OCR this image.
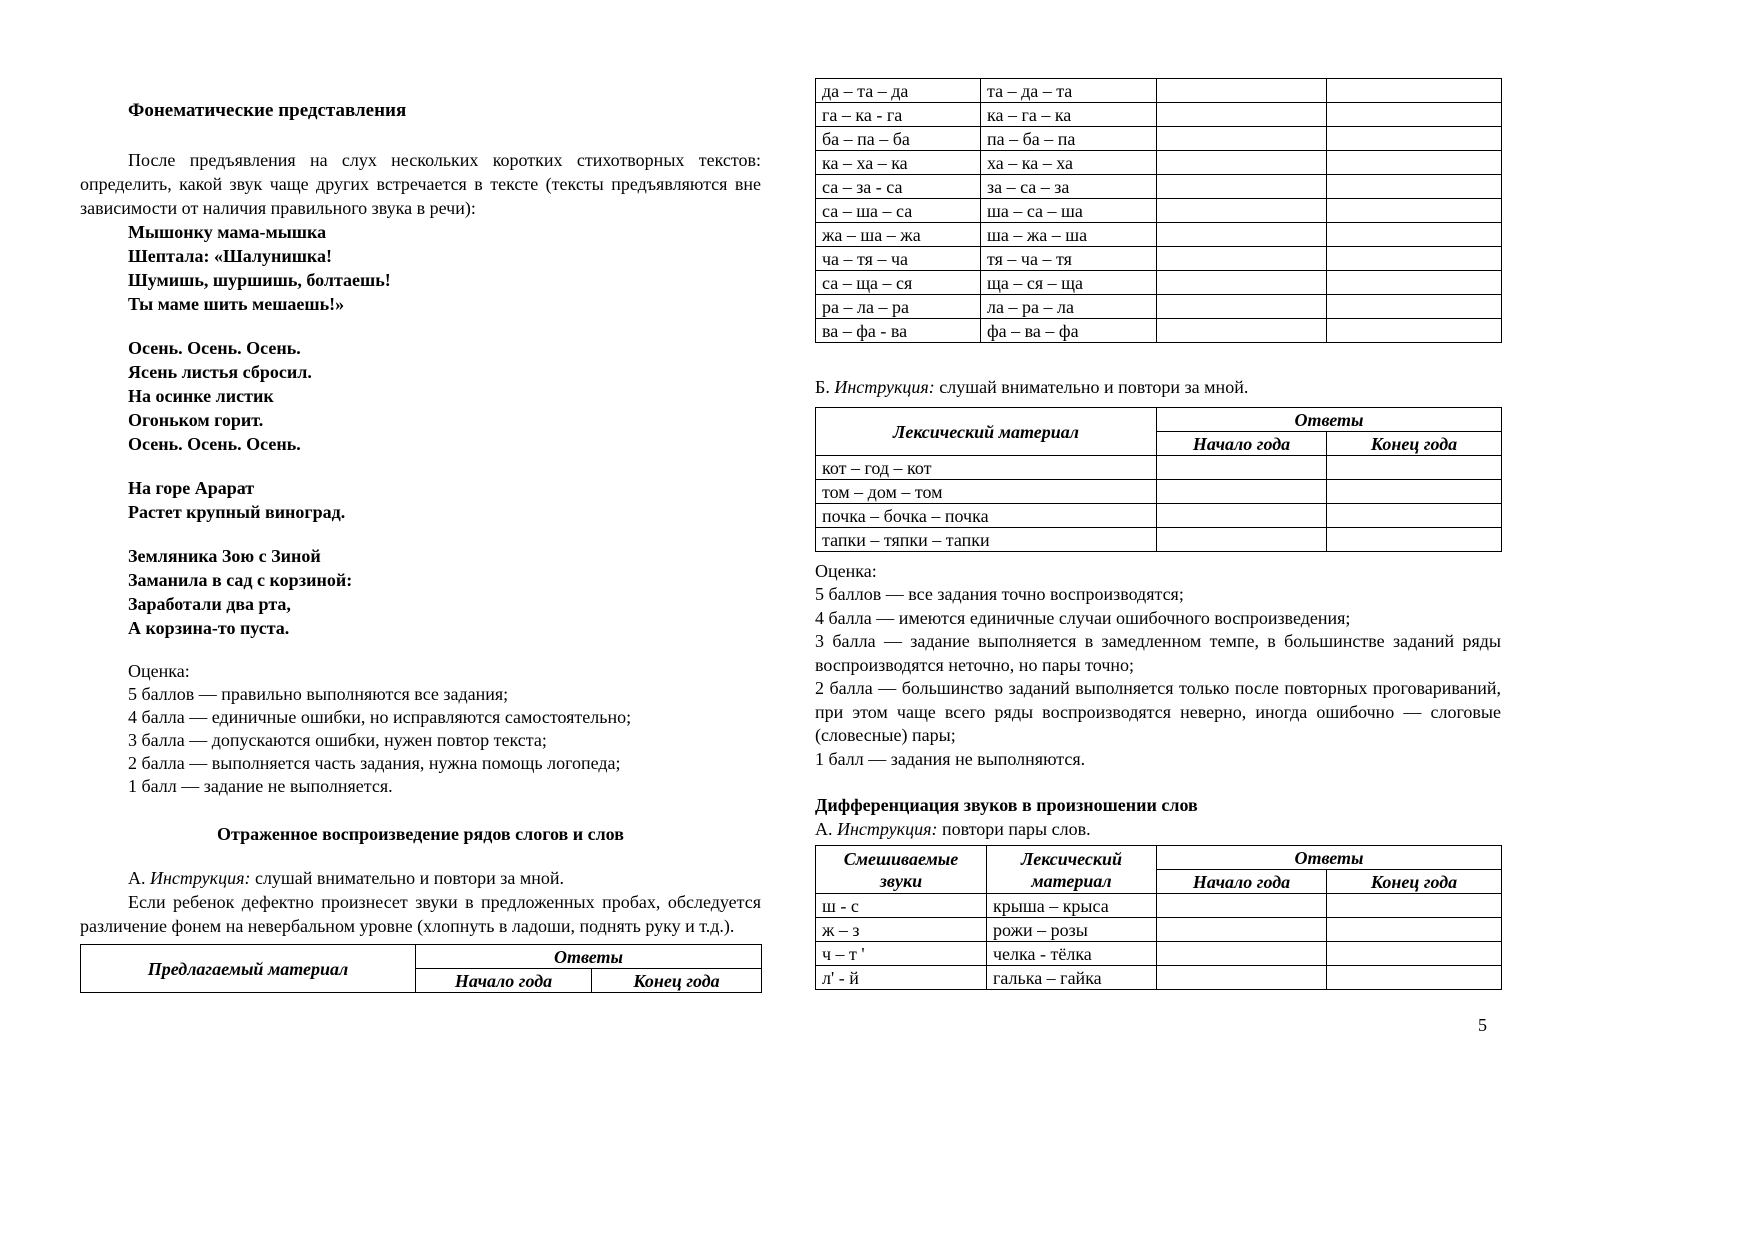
Фонематические представления

После предъявления на слух нескольких коротких стихотворных текстов: определить, какой звук чаще других встречается в тексте (тексты предъявляются вне зависимости от наличия правильного звука в речи):

Мышонку мама-мышка
Шептала: «Шалунишка!
Шумишь, шуршишь, болтаешь!
Ты маме шить мешаешь!»
Осень. Осень. Осень.
Ясень листья сбросил.
На осинке листик
Огоньком горит.
Осень. Осень. Осень.
На горе Арарат
Растет крупный виноград.
Земляника Зою с Зиной
Заманила в сад с корзиной:
Заработали два рта,
А корзина-то пуста.

Оценка:

5 баллов — правильно выполняются все задания;

4 балла — единичные ошибки, но исправляются самостоятельно;

3 балла — допускаются ошибки, нужен повтор текста;

2 балла — выполняется часть задания, нужна помощь логопеда;

1 балл — задание не выполняется.

Отраженное воспроизведение рядов слогов и слов

А. Инструкция: слушай внимательно и повтори за мной.

Если ребенок дефектно произнесет звуки в предложенных пробах, обследуется различение фонем на невербальном уровне (хлопнуть в ладоши, поднять руку и т.д.).

Предлагаемый материал	Ответы	
	Начало года	Конец года
да – та – да	та – да – та		
га – ка - га	ка – га – ка		
ба – па – ба	па – ба – па		
ка – ха – ка	ха – ка – ха		
са – за - са	за – са – за		
са – ша – са	ша – са – ша		
жа – ша – жа	ша – жа – ша		
ча – тя – ча	тя – ча – тя		
са – ща – ся	ща – ся – ща		
ра – ла – ра	ла – ра – ла		
ва – фа - ва	фа – ва – фа		

Б. Инструкция: слушай внимательно и повтори за мной.

Лексический материал	Ответы	
	Начало года	Конец года
кот – год – кот		
том – дом – том		
почка – бочка – почка		
тапки – тяпки – тапки		

Оценка:

5 баллов — все задания точно воспроизводятся;

4 балла — имеются единичные случаи ошибочного воспроизведения;

3 балла — задание выполняется в замедленном темпе, в большинстве заданий ряды воспроизводятся неточно, но пары точно;

2 балла — большинство заданий выполняется только после повторных проговариваний, при этом чаще всего ряды воспроизводятся неверно, иногда ошибочно — слоговые (словесные) пары;

1 балл — задания не выполняются.

Дифференциация звуков в произношении слов

А. Инструкция: повтори пары слов.

Смешиваемые звуки	Лексический материал	Ответы	
		Начало года	Конец года
ш - с	крыша – крыса		
ж – з	рожи – розы		
ч – т '	челка - тёлка		
л' - й	галька – гайка		
5
